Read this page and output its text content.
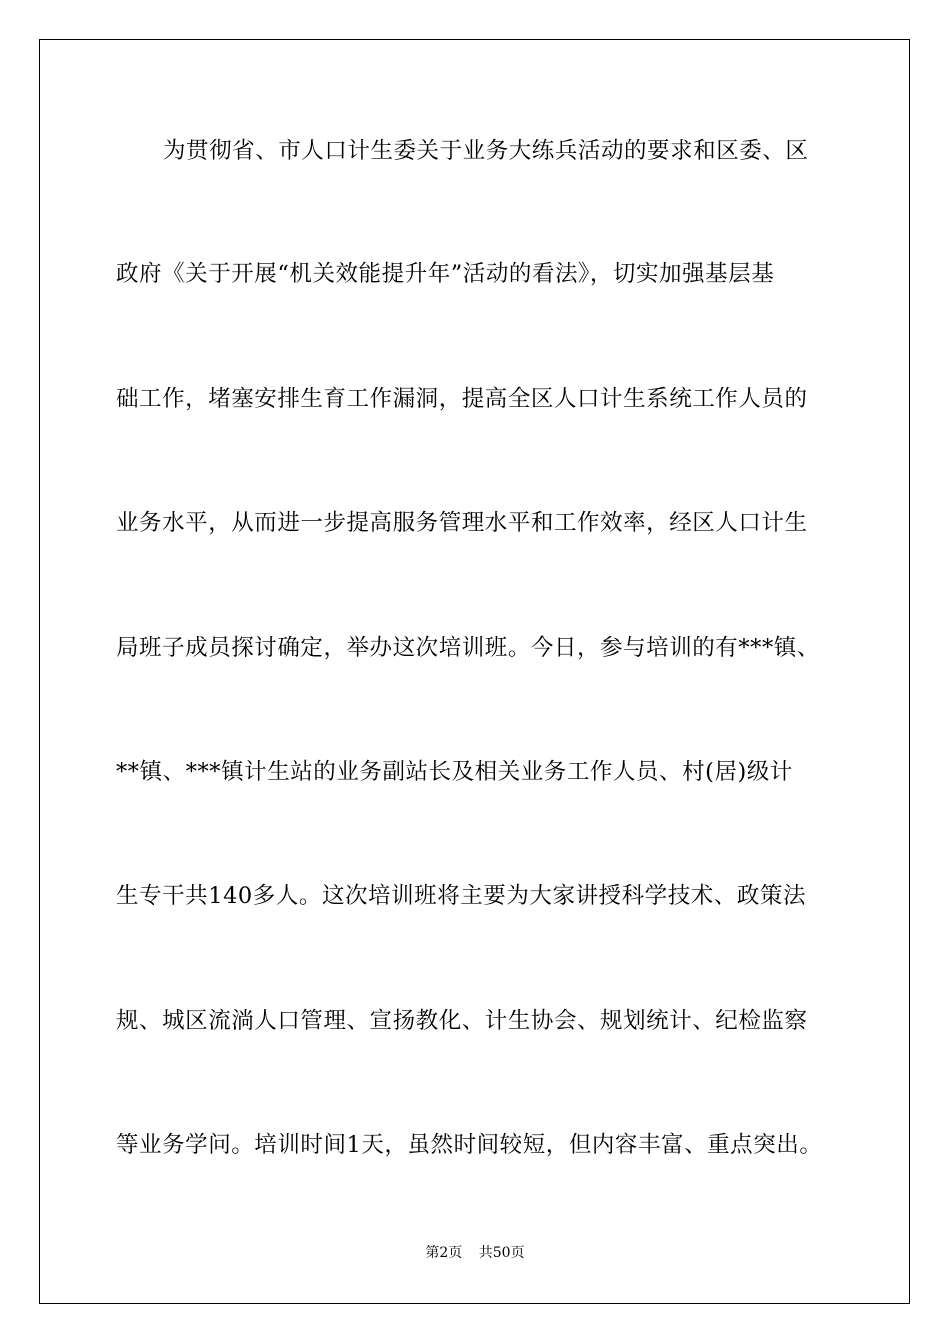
为贯彻省、市人口计生委关于业务大练兵活动的要求和区委、区
政府《关于开展“机关效能提升年”活动的看法》，切实加强基层基
础工作，堵塞安排生育工作漏洞，提高全区人口计生系统工作人员的
业务水平，从而进一步提高服务管理水平和工作效率，经区人口计生
局班子成员探讨确定，举办这次培训班。今日，参与培训的有***镇、
**镇、***镇计生站的业务副站长及相关业务工作人员、村(居)级计
生专干共140多人。这次培训班将主要为大家讲授科学技术、政策法
规、城区流淌人口管理、宣扬教化、计生协会、规划统计、纪检监察
等业务学问。培训时间1天，虽然时间较短，但内容丰富、重点突出。
第2页 共50页
